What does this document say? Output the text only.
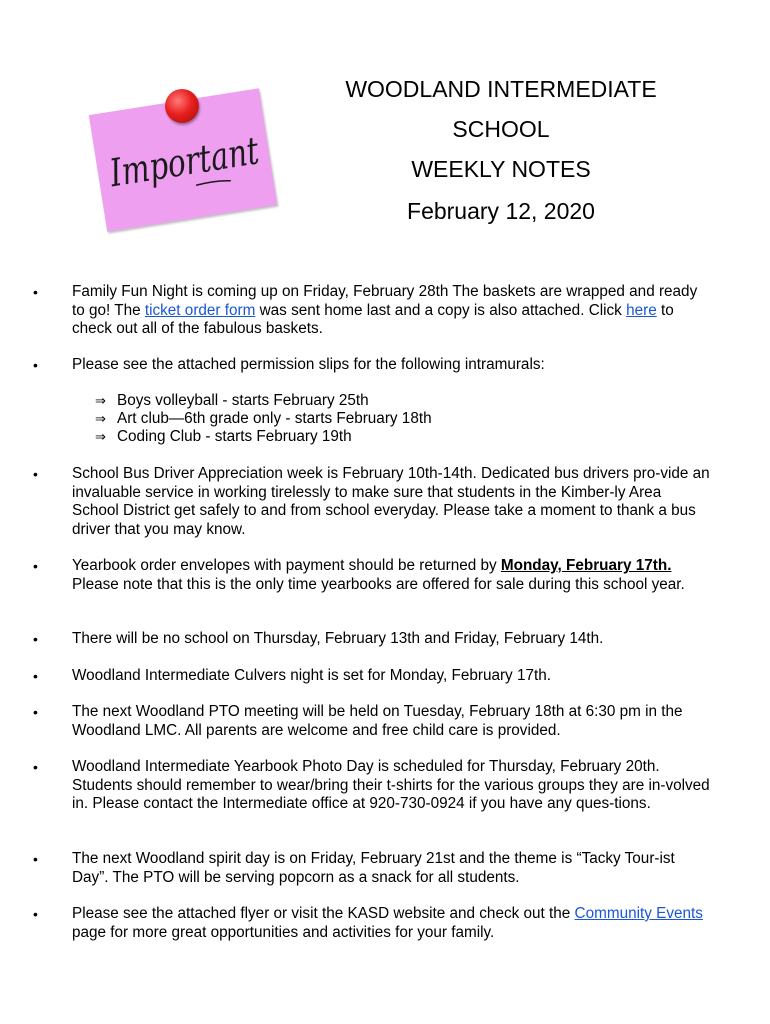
Important
WOODLAND INTERMEDIATE
SCHOOL
WEEKLY NOTES
February 12, 2020
• Family Fun Night is coming up on Friday, February 28th The baskets are wrapped and ready to go! The ticket order form was sent home last and a copy is also attached. Click here to check out all of the fabulous baskets.
• Please see the attached permission slips for the following intramurals:
⇒ Boys volleyball - starts February 25th
⇒ Art club—6th grade only - starts February 18th
⇒ Coding Club - starts February 19th
• School Bus Driver Appreciation week is February 10th-14th. Dedicated bus drivers pro-vide an invaluable service in working tirelessly to make sure that students in the Kimber-ly Area School District get safely to and from school everyday. Please take a moment to thank a bus driver that you may know.
• Yearbook order envelopes with payment should be returned by Monday, February 17th. Please note that this is the only time yearbooks are offered for sale during this school year.
• There will be no school on Thursday, February 13th and Friday, February 14th.
• Woodland Intermediate Culvers night is set for Monday, February 17th.
• The next Woodland PTO meeting will be held on Tuesday, February 18th at 6:30 pm in the Woodland LMC. All parents are welcome and free child care is provided.
• Woodland Intermediate Yearbook Photo Day is scheduled for Thursday, February 20th. Students should remember to wear/bring their t-shirts for the various groups they are in-volved in. Please contact the Intermediate office at 920-730-0924 if you have any ques-tions.
• The next Woodland spirit day is on Friday, February 21st and the theme is “Tacky Tour-ist Day”. The PTO will be serving popcorn as a snack for all students.
• Please see the attached flyer or visit the KASD website and check out the Community Events page for more great opportunities and activities for your family.
